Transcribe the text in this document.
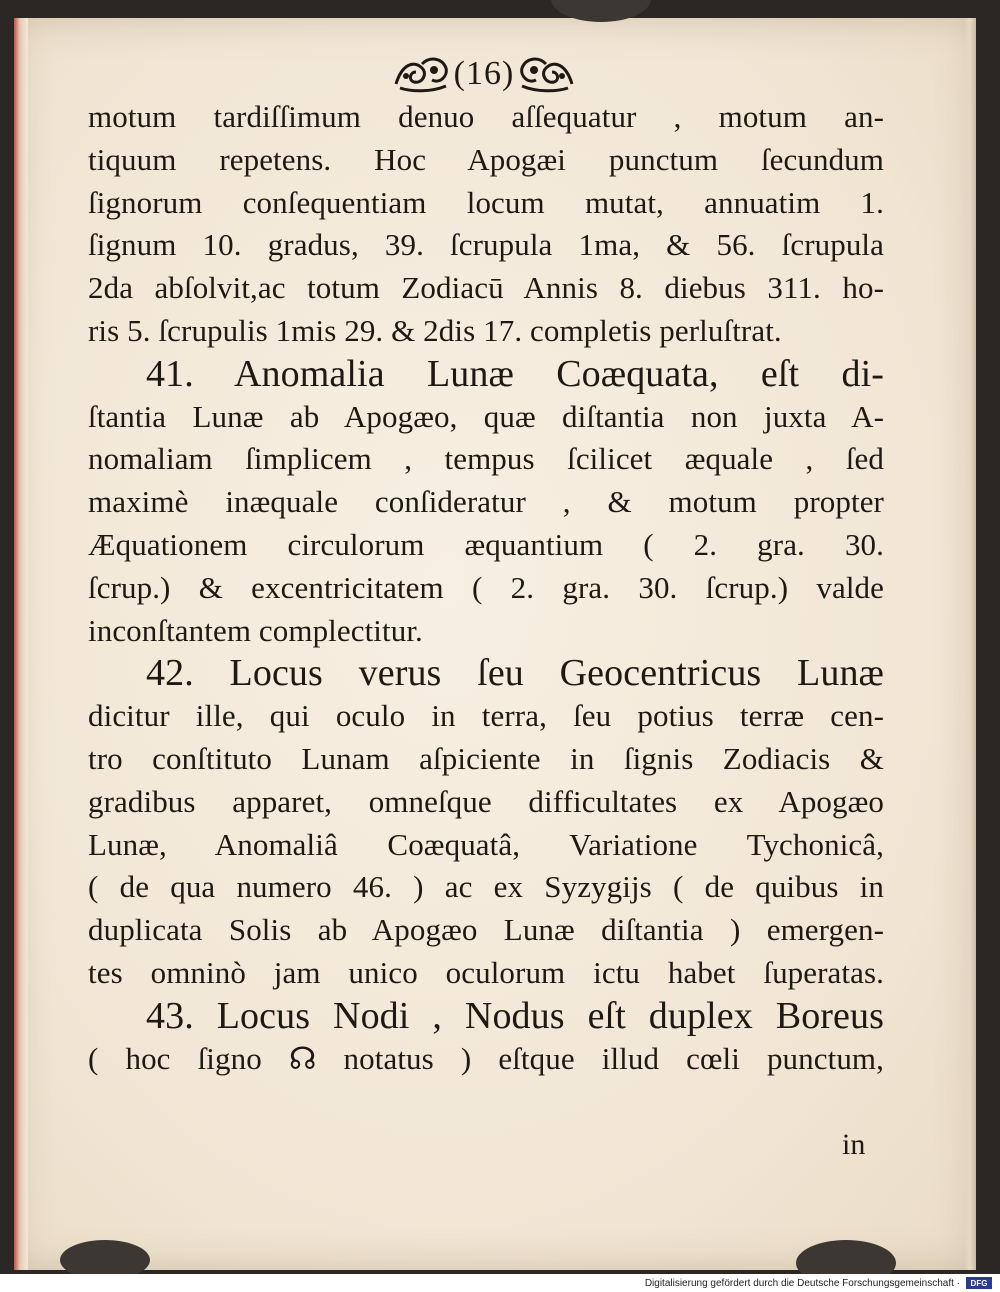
(16)
motum tardiſſimum denuo aſſequatur , motum an-
tiquum repetens. Hoc Apogæi punctum ſecundum
ſignorum conſequentiam locum mutat, annuatim 1.
ſignum 10. gradus, 39. ſcrupula 1ma, & 56. ſcrupula
2da abſolvit,ac totum Zodiacū Annis 8. diebus 311. ho-
ris 5. ſcrupulis 1mis 29. & 2dis 17. completis perluſtrat.
41. Anomalia Lunæ Coæquata, eſt di-
ſtantia Lunæ ab Apogæo, quæ diſtantia non juxta A-
nomaliam ſimplicem , tempus ſcilicet æquale , ſed
maximè inæquale conſideratur , & motum propter
Æquationem circulorum æquantium ( 2. gra. 30.
ſcrup.) & excentricitatem ( 2. gra. 30. ſcrup.) valde
inconſtantem complectitur.
42. Locus verus ſeu Geocentricus Lunæ
dicitur ille, qui oculo in terra, ſeu potius terræ cen-
tro conſtituto Lunam aſpiciente in ſignis Zodiacis &
gradibus apparet, omneſque difficultates ex Apogæo
Lunæ, Anomaliâ Coæquatâ, Variatione Tychonicâ,
( de qua numero 46. ) ac ex Syzygijs ( de quibus in
duplicata Solis ab Apogæo Lunæ diſtantia ) emergen-
tes omninò jam unico oculorum ictu habet ſuperatas.
43. Locus Nodi , Nodus eſt duplex Boreus
( hoc ſigno ☊ notatus ) eſtque illud cœli punctum,
in
Digitalisierung gefördert durch die Deutsche Forschungsgemeinschaft ·	DFG
